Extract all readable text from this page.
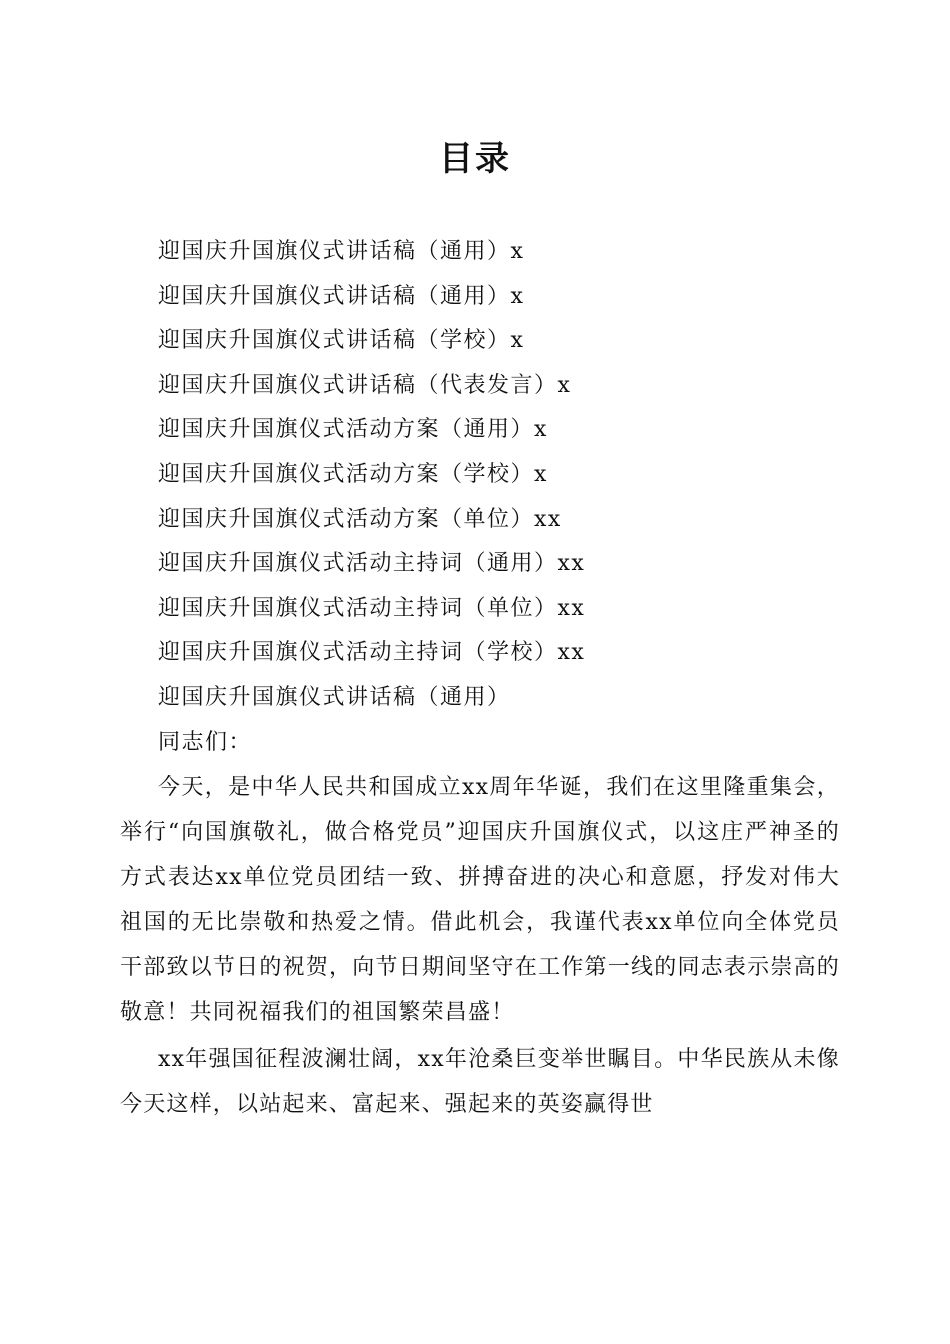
目录
迎国庆升国旗仪式讲话稿（通用）x
迎国庆升国旗仪式讲话稿（通用）x
迎国庆升国旗仪式讲话稿（学校）x
迎国庆升国旗仪式讲话稿（代表发言）x
迎国庆升国旗仪式活动方案（通用）x
迎国庆升国旗仪式活动方案（学校）x
迎国庆升国旗仪式活动方案（单位）xx
迎国庆升国旗仪式活动主持词（通用）xx
迎国庆升国旗仪式活动主持词（单位）xx
迎国庆升国旗仪式活动主持词（学校）xx
迎国庆升国旗仪式讲话稿（通用）

同志们：

今天，是中华人民共和国成立xx周年华诞，我们在这里隆重集会，举行“向国旗敬礼，做合格党员”迎国庆升国旗仪式，以这庄严神圣的方式表达xx单位党员团结一致、拼搏奋进的决心和意愿，抒发对伟大祖国的无比崇敬和热爱之情。借此机会，我谨代表xx单位向全体党员干部致以节日的祝贺，向节日期间坚守在工作第一线的同志表示崇高的敬意！共同祝福我们的祖国繁荣昌盛！

xx年强国征程波澜壮阔，xx年沧桑巨变举世瞩目。中华民族从未像今天这样，以站起来、富起来、强起来的英姿赢得世
